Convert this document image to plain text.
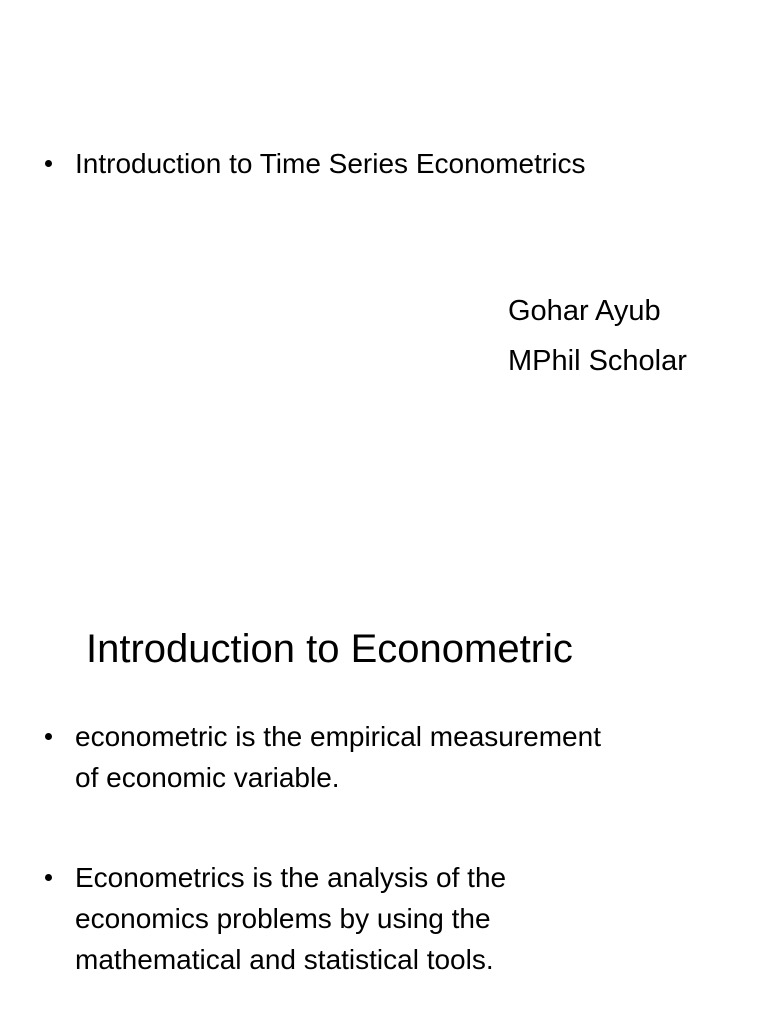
Introduction to Time Series Econometrics
Gohar Ayub
MPhil Scholar
Introduction to Econometric
econometric is the empirical measurement
of economic variable.
Econometrics is the analysis of the
economics problems by using the
mathematical and statistical tools.
